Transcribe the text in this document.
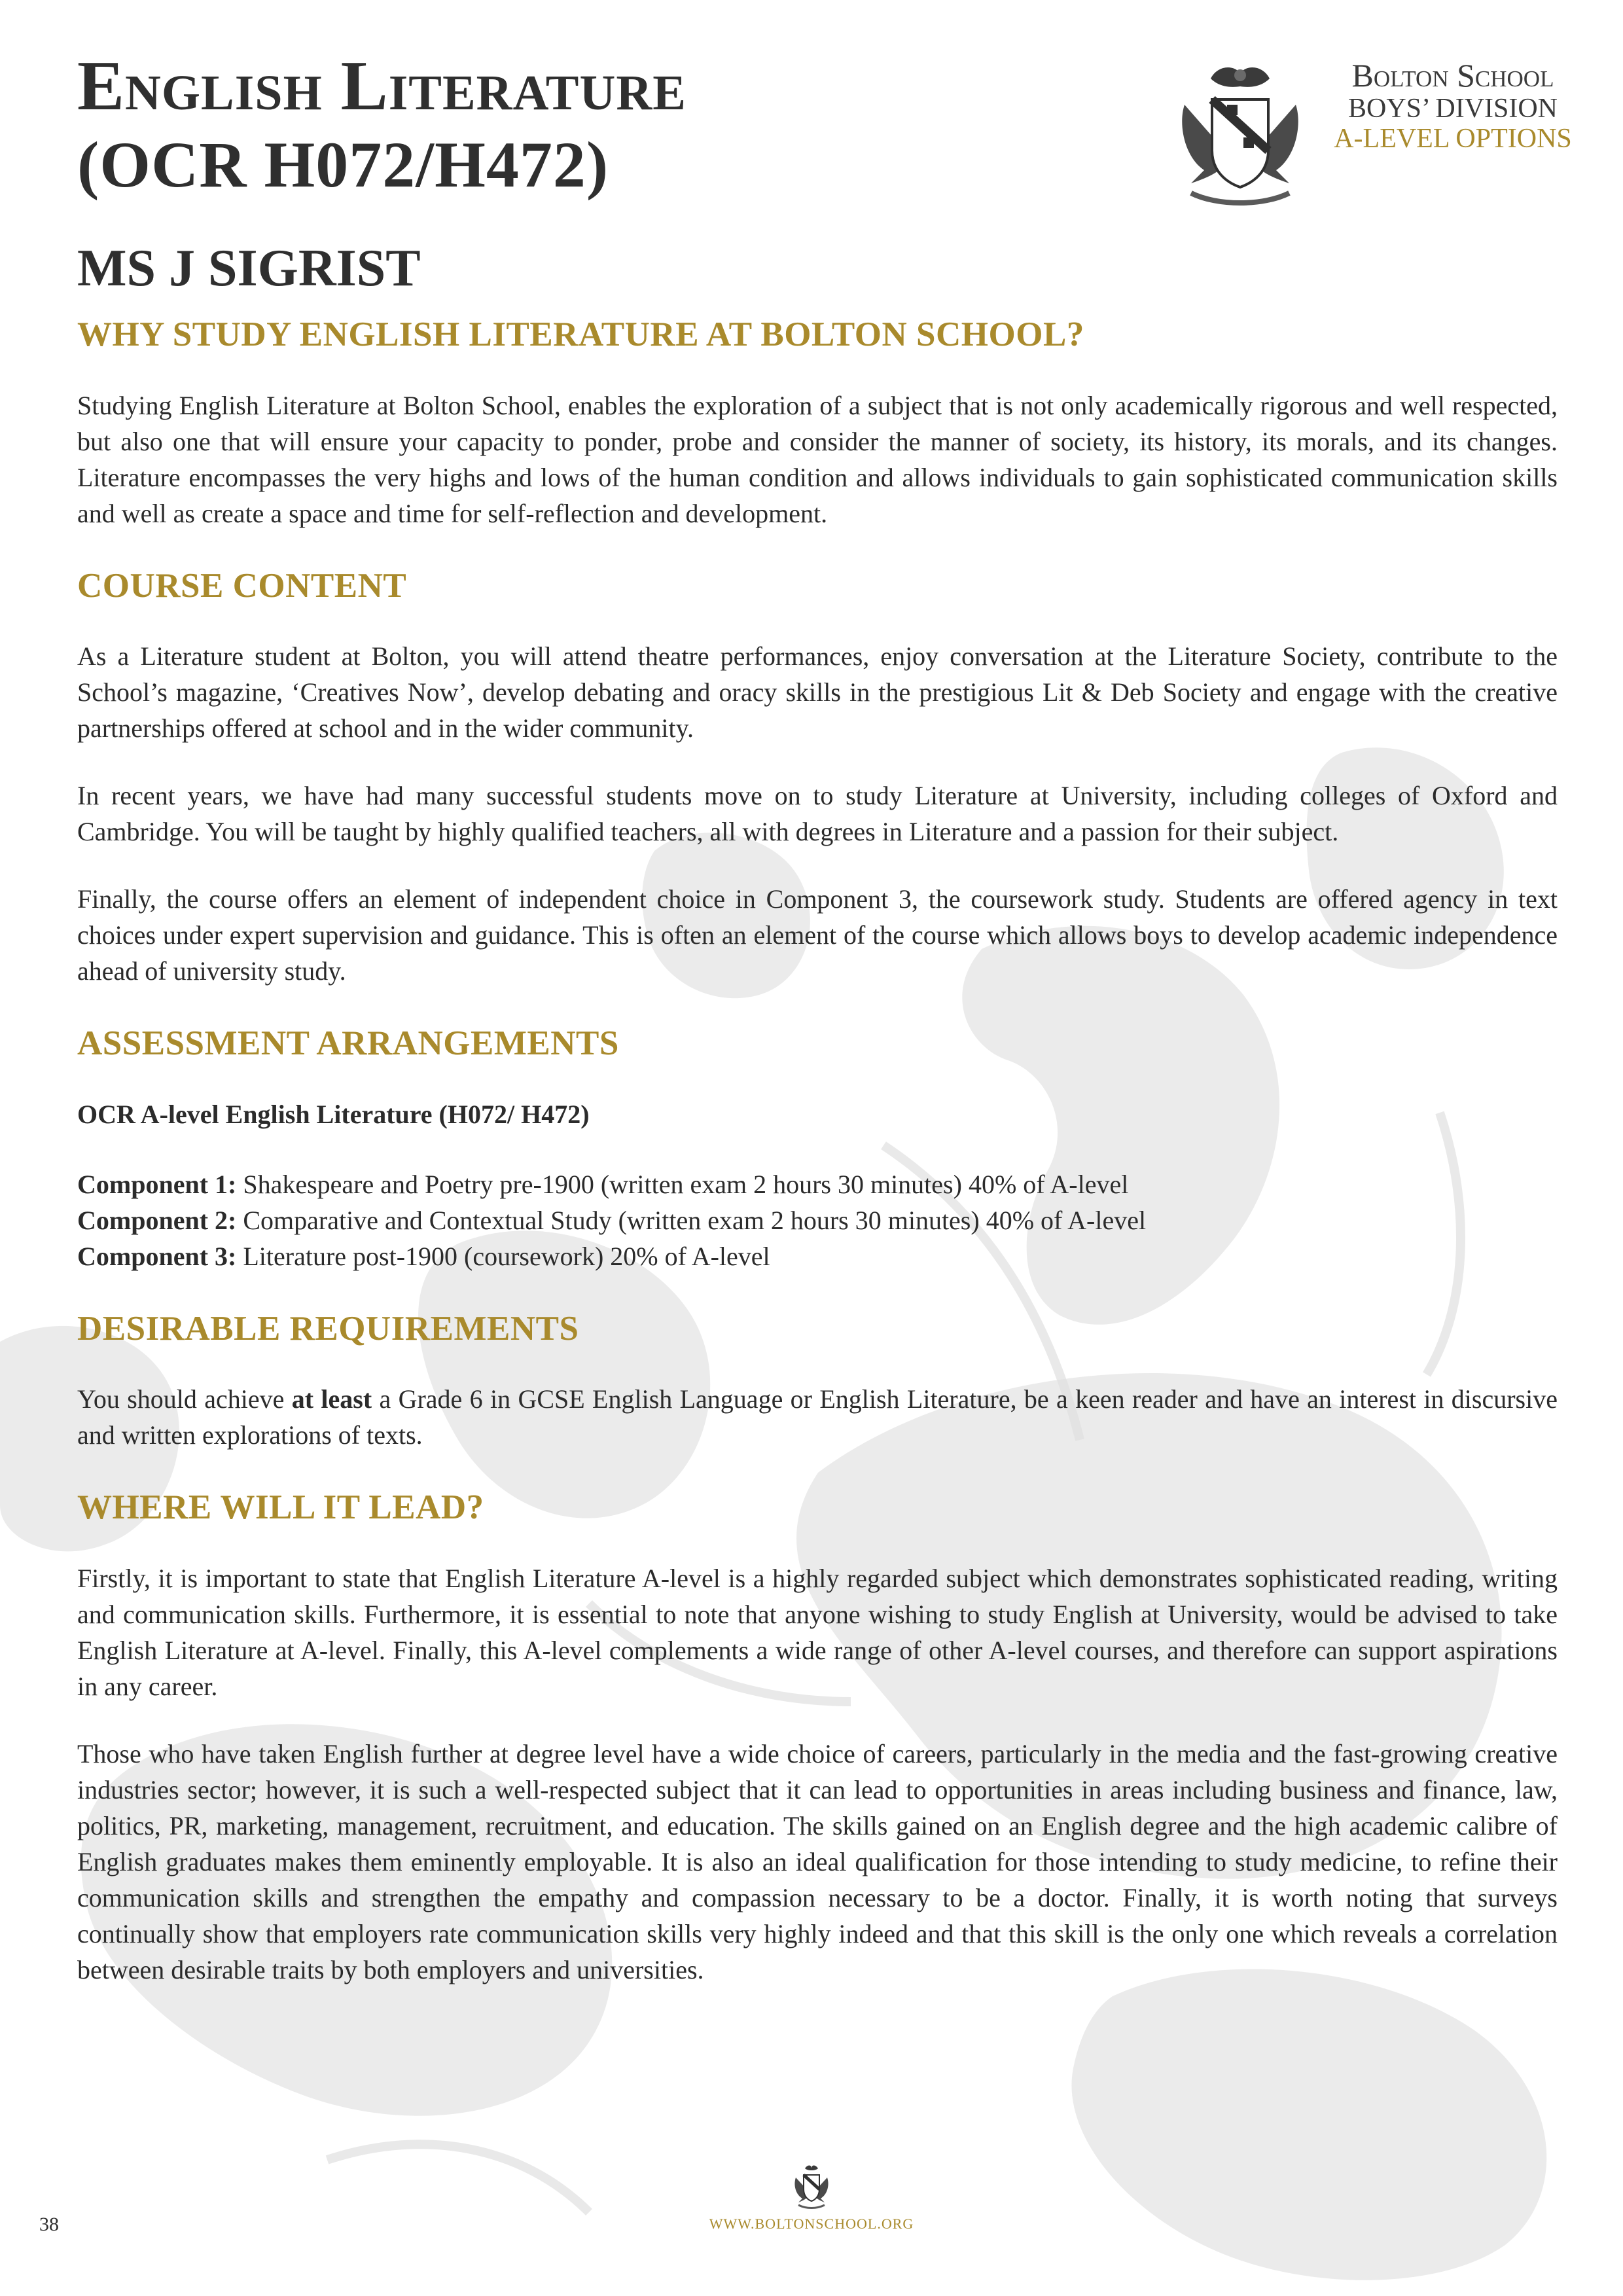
English Literature
(OCR H072/H472)
MS J SIGRIST
Bolton School
BOYS’ DIVISION
A-LEVEL OPTIONS
WHY STUDY ENGLISH LITERATURE AT BOLTON SCHOOL?

Studying English Literature at Bolton School, enables the exploration of a subject that is not only academically rigorous and well respected, but also one that will ensure your capacity to ponder, probe and consider the manner of society, its history, its morals, and its changes. Literature encompasses the very highs and lows of the human condition and allows individuals to gain sophisticated communication skills and well as create a space and time for self-reflection and development.

COURSE CONTENT

As a Literature student at Bolton, you will attend theatre performances, enjoy conversation at the Literature Society, contribute to the School’s magazine, ‘Creatives Now’, develop debating and oracy skills in the prestigious Lit & Deb Society and engage with the creative partnerships offered at school and in the wider community.

In recent years, we have had many successful students move on to study Literature at University, including colleges of Oxford and Cambridge. You will be taught by highly qualified teachers, all with degrees in Literature and a passion for their subject.

Finally, the course offers an element of independent choice in Component 3, the coursework study. Students are offered agency in text choices under expert supervision and guidance. This is often an element of the course which allows boys to develop academic independence ahead of university study.

ASSESSMENT ARRANGEMENTS

OCR A-level English Literature (H072/ H472)

Component 1: Shakespeare and Poetry pre-1900 (written exam 2 hours 30 minutes) 40% of A-level
Component 2: Comparative and Contextual Study (written exam 2 hours 30 minutes) 40% of A-level
Component 3: Literature post-1900 (coursework) 20% of A-level
DESIRABLE REQUIREMENTS

You should achieve at least a Grade 6 in GCSE English Language or English Literature, be a keen reader and have an interest in discursive and written explorations of texts.

WHERE WILL IT LEAD?

Firstly, it is important to state that English Literature A-level is a highly regarded subject which demonstrates sophisticated reading, writing and communication skills. Furthermore, it is essential to note that anyone wishing to study English at University, would be advised to take English Literature at A-level. Finally, this A-level complements a wide range of other A-level courses, and therefore can support aspirations in any career.

Those who have taken English further at degree level have a wide choice of careers, particularly in the media and the fast-growing creative industries sector; however, it is such a well-respected subject that it can lead to opportunities in areas including business and finance, law, politics, PR, marketing, management, recruitment, and education. The skills gained on an English degree and the high academic calibre of English graduates makes them eminently employable. It is also an ideal qualification for those intending to study medicine, to refine their communication skills and strengthen the empathy and compassion necessary to be a doctor. Finally, it is worth noting that surveys continually show that employers rate communication skills very highly indeed and that this skill is the only one which reveals a correlation between desirable traits by both employers and universities.

WWW.BOLTONSCHOOL.ORG
38
